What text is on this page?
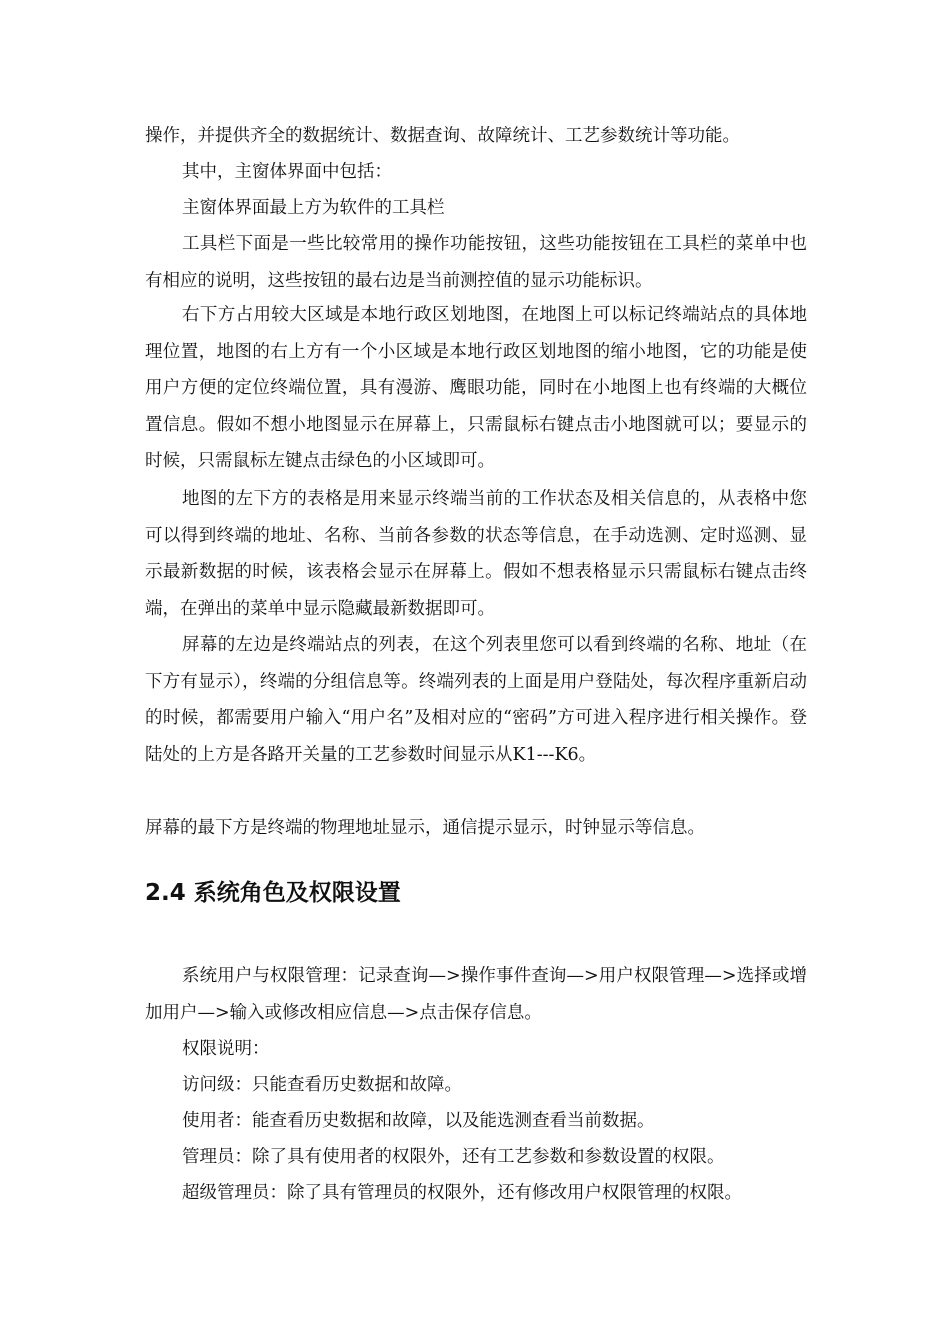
操作，并提供齐全的数据统计、数据查询、故障统计、工艺参数统计等功能。

其中，主窗体界面中包括：

主窗体界面最上方为软件的工具栏

工具栏下面是一些比较常用的操作功能按钮，这些功能按钮在工具栏的菜单中也有相应的说明，这些按钮的最右边是当前测控值的显示功能标识。

右下方占用较大区域是本地行政区划地图，在地图上可以标记终端站点的具体地理位置，地图的右上方有一个小区域是本地行政区划地图的缩小地图，它的功能是使用户方便的定位终端位置，具有漫游、鹰眼功能，同时在小地图上也有终端的大概位置信息。假如不想小地图显示在屏幕上，只需鼠标右键点击小地图就可以；要显示的时候，只需鼠标左键点击绿色的小区域即可。

地图的左下方的表格是用来显示终端当前的工作状态及相关信息的，从表格中您可以得到终端的地址、名称、当前各参数的状态等信息，在手动选测、定时巡测、显示最新数据的时候，该表格会显示在屏幕上。假如不想表格显示只需鼠标右键点击终端，在弹出的菜单中显示隐藏最新数据即可。

屏幕的左边是终端站点的列表，在这个列表里您可以看到终端的名称、地址（在下方有显示），终端的分组信息等。终端列表的上面是用户登陆处，每次程序重新启动的时候，都需要用户输入“用户名”及相对应的“密码”方可进入程序进行相关操作。登陆处的上方是各路开关量的工艺参数时间显示从K1---K6。

屏幕的最下方是终端的物理地址显示，通信提示显示，时钟显示等信息。

2.4 系统角色及权限设置

系统用户与权限管理：记录查询—>操作事件查询—>用户权限管理—>选择或增加用户—>输入或修改相应信息—>点击保存信息。

权限说明：

访问级：只能查看历史数据和故障。

使用者：能查看历史数据和故障，以及能选测查看当前数据。

管理员：除了具有使用者的权限外，还有工艺参数和参数设置的权限。

超级管理员：除了具有管理员的权限外，还有修改用户权限管理的权限。
